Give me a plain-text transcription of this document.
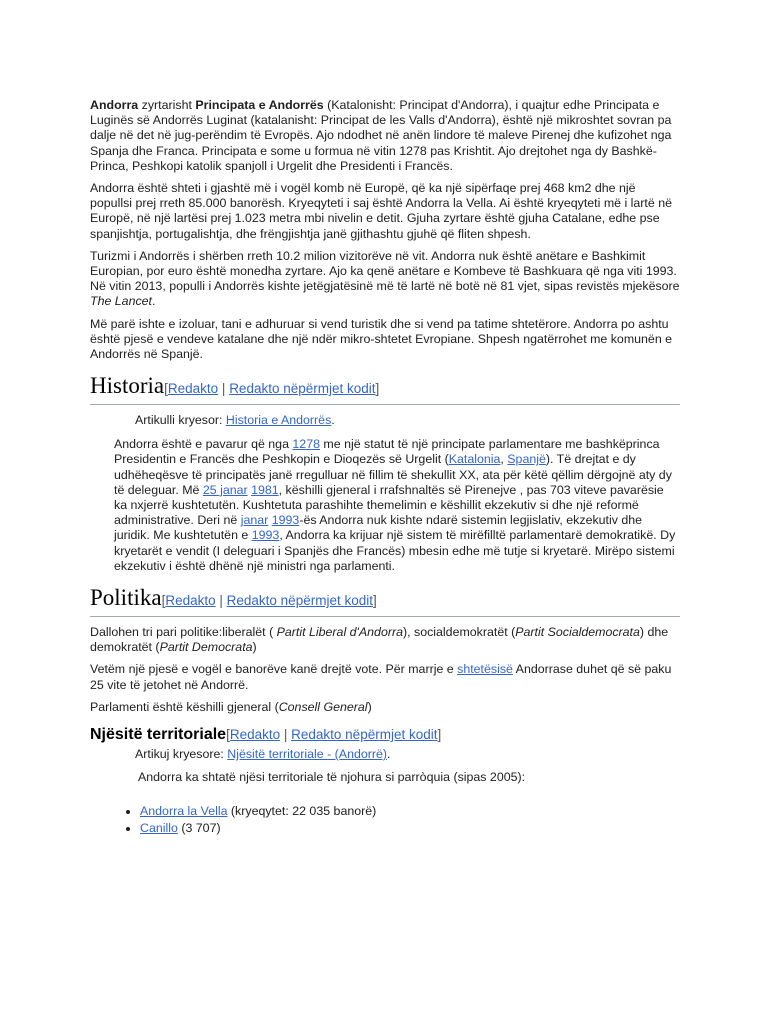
Andorra zyrtarisht Principata e Andorrës (Katalonisht: Principat d'Andorra), i quajtur edhe Principata e Luginës së Andorrës Luginat (katalanisht: Principat de les Valls d'Andorra), është një mikroshtet sovran pa dalje në det në jug-perëndim të Evropës. Ajo ndodhet në anën lindore të maleve Pirenej dhe kufizohet nga Spanja dhe Franca. Principata e some u formua në vitin 1278 pas Krishtit. Ajo drejtohet nga dy Bashkë-Princa, Peshkopi katolik spanjoll i Urgelit dhe Presidenti i Francës.

Andorra është shteti i gjashtë më i vogël komb në Europë, që ka një sipërfaqe prej 468 km2 dhe një popullsi prej rreth 85.000 banorësh. Kryeqyteti i saj është Andorra la Vella. Ai është kryeqyteti më i lartë në Europë, në një lartësi prej 1.023 metra mbi nivelin e detit. Gjuha zyrtare është gjuha Catalane, edhe pse spanjishtja, portugalishtja, dhe frëngjishtja janë gjithashtu gjuhë që fliten shpesh.

Turizmi i Andorrës i shërben rreth 10.2 milion vizitorëve në vit. Andorra nuk është anëtare e Bashkimit Europian, por euro është monedha zyrtare. Ajo ka qenë anëtare e Kombeve të Bashkuara që nga viti 1993. Në vitin 2013, populli i Andorrës kishte jetëgjatësinë më të lartë në botë në 81 vjet, sipas revistës mjekësore The Lancet.

Më parë ishte e izoluar, tani e adhuruar si vend turistik dhe si vend pa tatime shtetërore. Andorra po ashtu është pjesë e vendeve katalane dhe një ndër mikro-shtetet Evropiane. Shpesh ngatërrohet me komunën e Andorrës në Spanjë.

Historia[Redakto | Redakto nëpërmjet kodit]
Artikulli kryesor: Historia e Andorrës.

Andorra është e pavarur që nga 1278 me një statut të një principate parlamentare me bashkëprinca Presidentin e Francës dhe Peshkopin e Dioqezës së Urgelit (Katalonia, Spanjë). Të drejtat e dy udhëheqësve të principatës janë rregulluar në fillim të shekullit XX, ata për këtë qëllim dërgojnë aty dy të deleguar. Më 25 janar 1981, këshilli gjeneral i rrafshnaltës së Pirenejve , pas 703 viteve pavarësie ka nxjerrë kushtetutën. Kushtetuta parashihte themelimin e këshillit ekzekutiv si dhe një reformë administrative. Deri në janar 1993-ës Andorra nuk kishte ndarë sistemin legjislativ, ekzekutiv dhe juridik. Me kushtetutën e 1993, Andorra ka krijuar një sistem të mirëfilltë parlamentarë demokratikë. Dy kryetarët e vendit (I deleguari i Spanjës dhe Francës) mbesin edhe më tutje si kryetarë. Mirëpo sistemi ekzekutiv i është dhënë një ministri nga parlamenti.

Politika[Redakto | Redakto nëpërmjet kodit]

Dallohen tri pari politike:liberalët ( Partit Liberal d'Andorra), socialdemokratët (Partit Socialdemocrata) dhe demokratët (Partit Democrata)

Vetëm një pjesë e vogël e banorëve kanë drejtë vote. Për marrje e shtetësisë Andorrase duhet që së paku 25 vite të jetohet në Andorrë.

Parlamenti është këshilli gjeneral (Consell General)

Njësitë territoriale[Redakto | Redakto nëpërmjet kodit]
Artikuj kryesore: Njësitë territoriale - (Andorrë).

Andorra ka shtatë njësi territoriale të njohura si parròquia (sipas 2005):

• Andorra la Vella (kryeqytet: 22 035 banorë)
• Canillo (3 707)
